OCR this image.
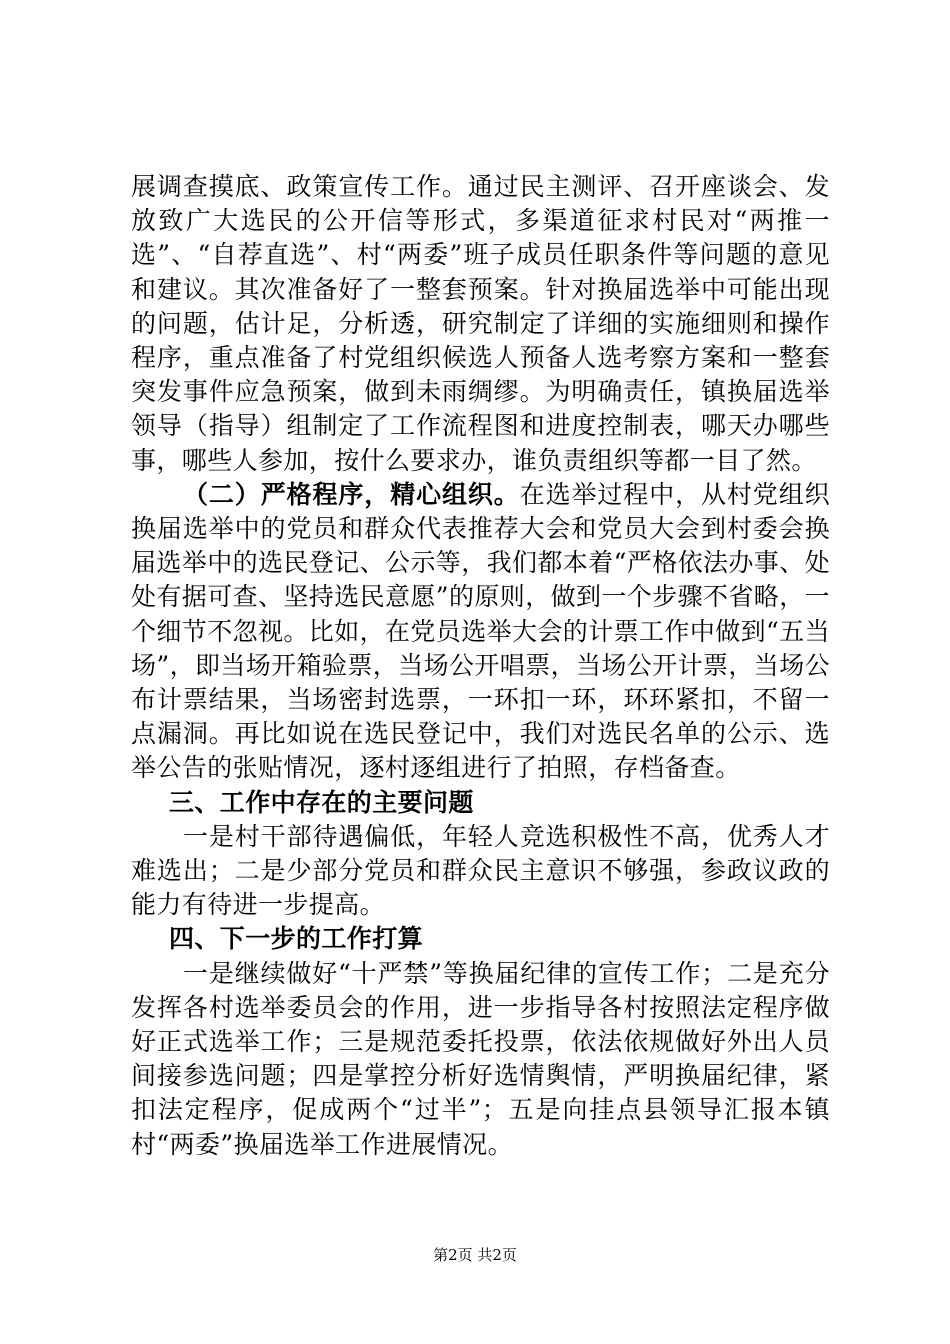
展调查摸底、政策宣传工作。通过民主测评、召开座谈会、发放致广大选民的公开信等形式，多渠道征求村民对“两推一选”、“自荐直选”、村“两委”班子成员任职条件等问题的意见和建议。其次准备好了一整套预案。针对换届选举中可能出现的问题，估计足，分析透，研究制定了详细的实施细则和操作程序，重点准备了村党组织候选人预备人选考察方案和一整套突发事件应急预案，做到未雨绸缪。为明确责任，镇换届选举领导（指导）组制定了工作流程图和进度控制表，哪天办哪些事，哪些人参加，按什么要求办，谁负责组织等都一目了然。

（二）严格程序，精心组织。在选举过程中，从村党组织换届选举中的党员和群众代表推荐大会和党员大会到村委会换届选举中的选民登记、公示等，我们都本着“严格依法办事、处处有据可查、坚持选民意愿”的原则，做到一个步骤不省略，一个细节不忽视。比如，在党员选举大会的计票工作中做到“五当场”，即当场开箱验票，当场公开唱票，当场公开计票，当场公布计票结果，当场密封选票，一环扣一环，环环紧扣，不留一点漏洞。再比如说在选民登记中，我们对选民名单的公示、选举公告的张贴情况，逐村逐组进行了拍照，存档备查。

三、工作中存在的主要问题

一是村干部待遇偏低，年轻人竞选积极性不高，优秀人才难选出；二是少部分党员和群众民主意识不够强，参政议政的能力有待进一步提高。

四、下一步的工作打算

一是继续做好“十严禁”等换届纪律的宣传工作；二是充分发挥各村选举委员会的作用，进一步指导各村按照法定程序做好正式选举工作；三是规范委托投票，依法依规做好外出人员间接参选问题；四是掌控分析好选情舆情，严明换届纪律，紧扣法定程序，促成两个“过半”；五是向挂点县领导汇报本镇村“两委”换届选举工作进展情况。

第2页 共2页
